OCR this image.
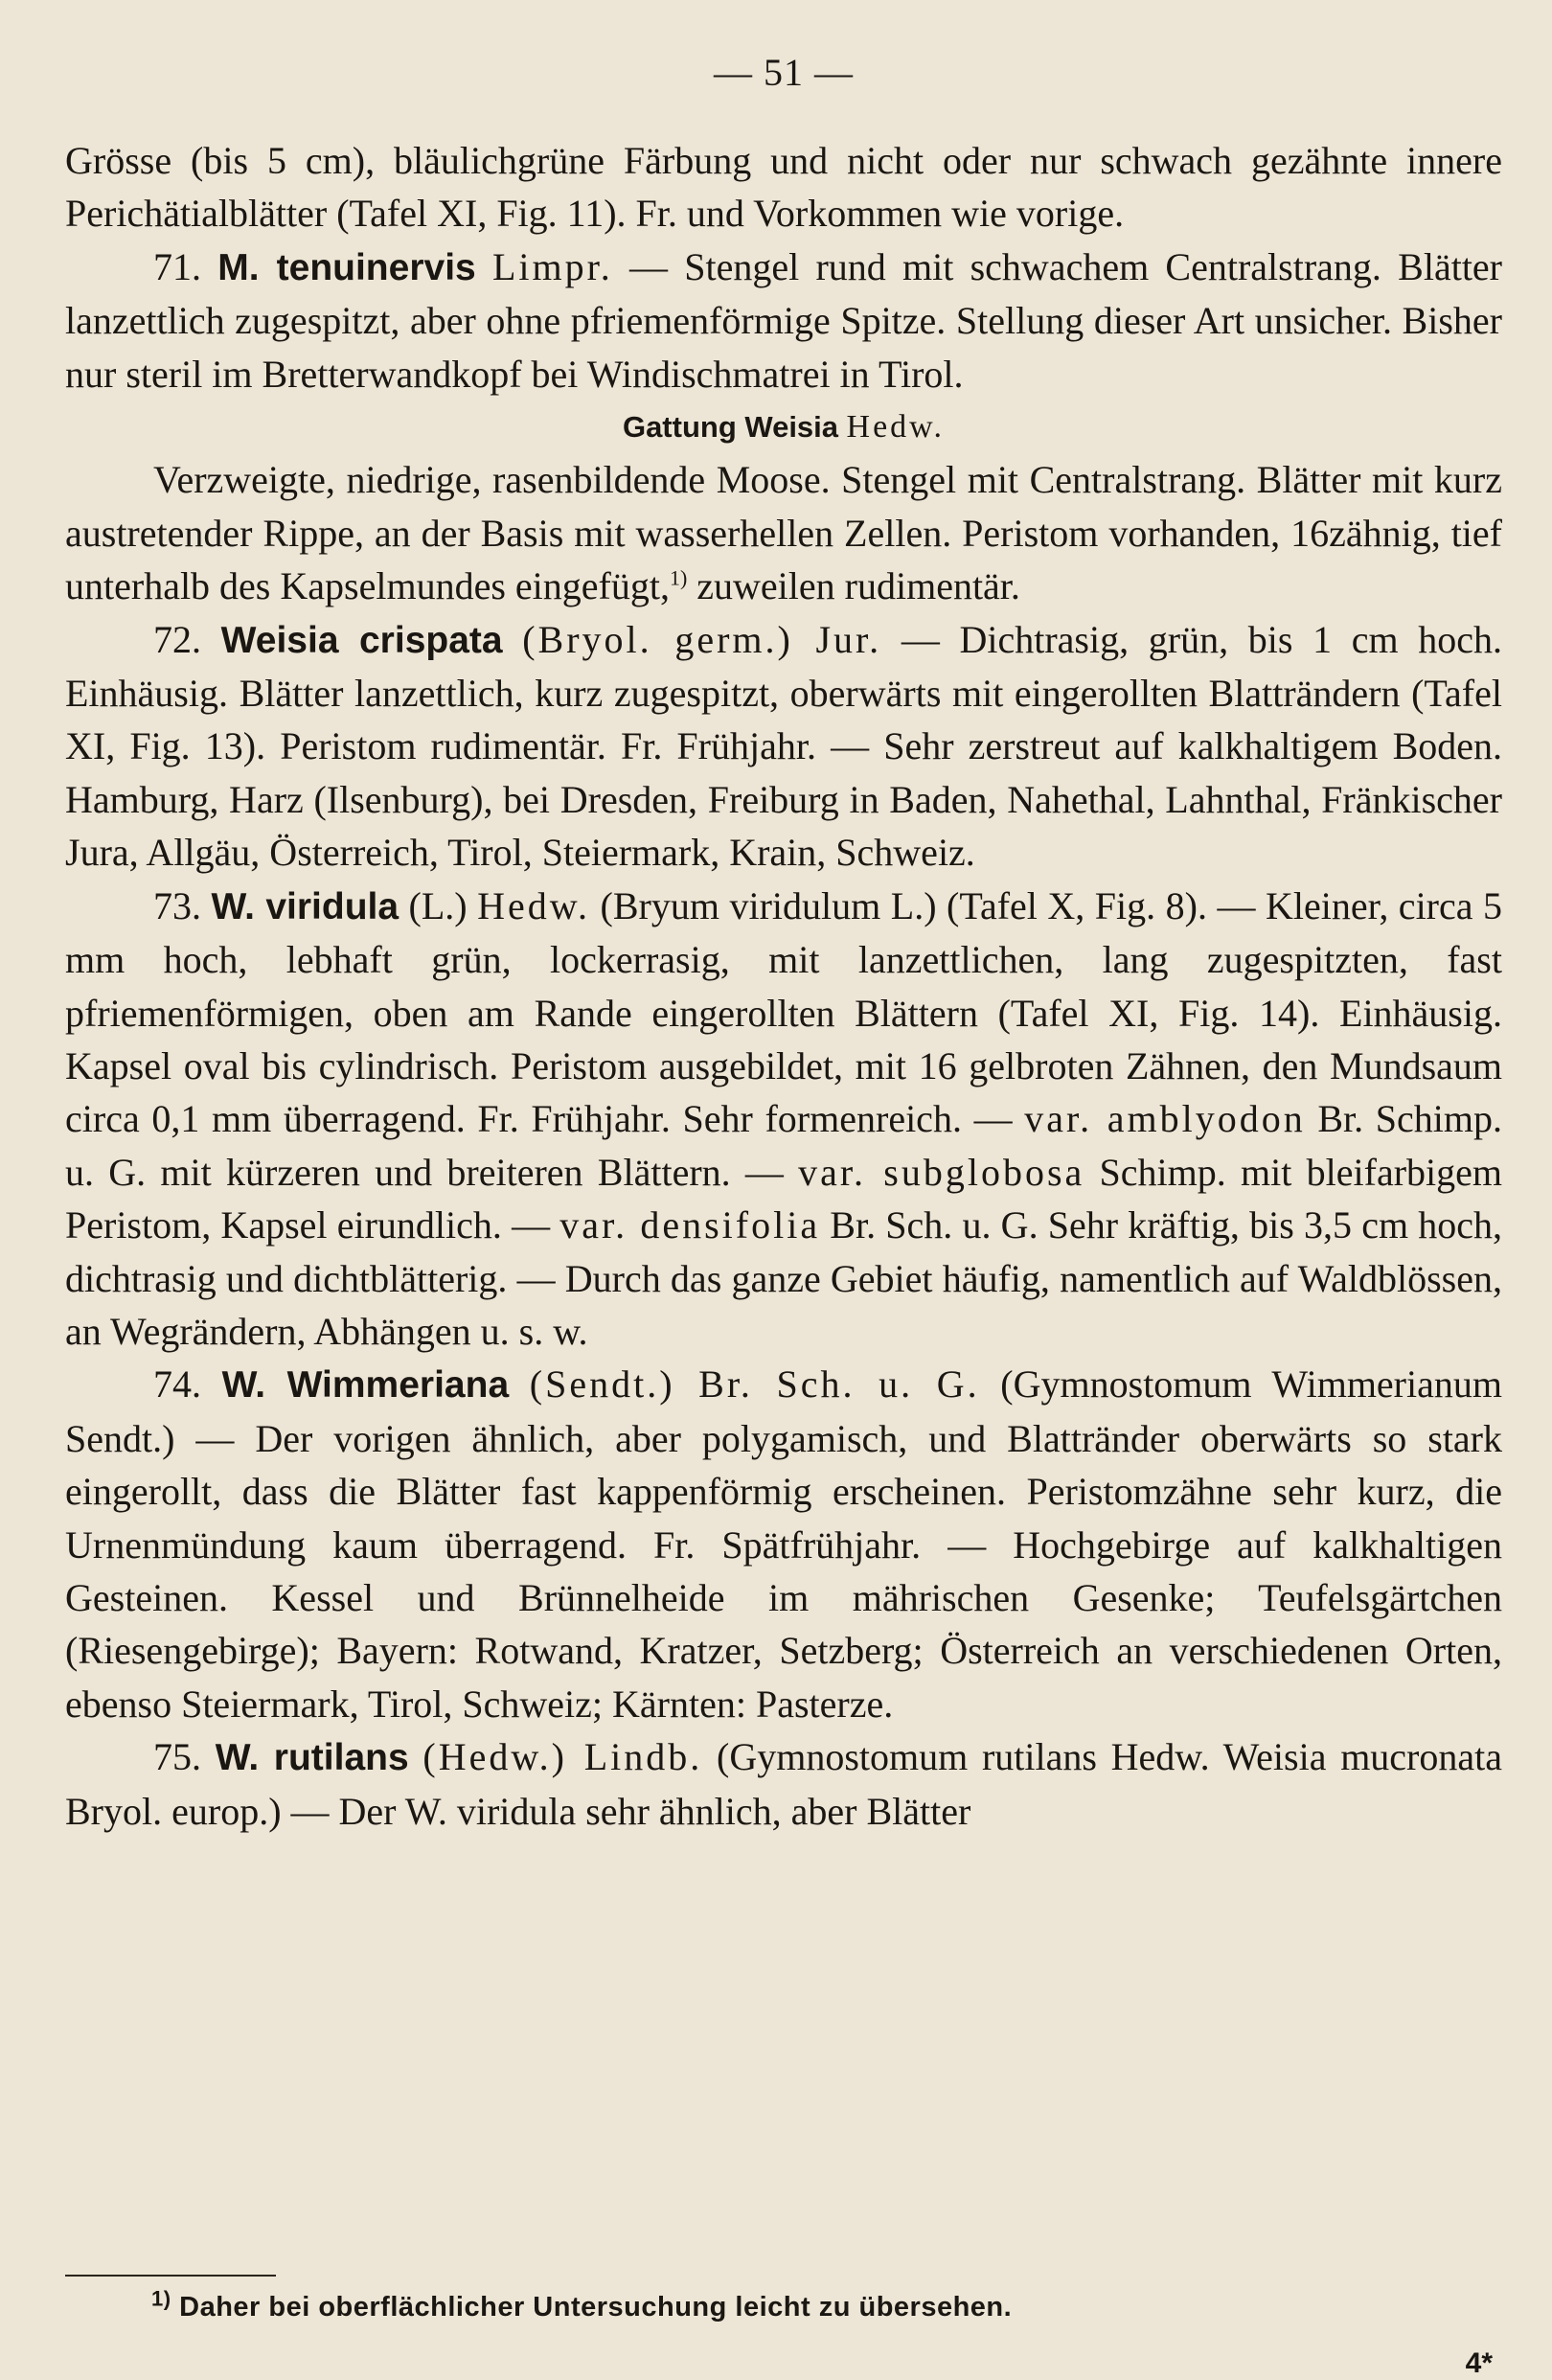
— 51 —

Grösse (bis 5 cm), bläulichgrüne Färbung und nicht oder nur schwach gezähnte innere Perichätialblätter (Tafel XI, Fig. 11). Fr. und Vorkommen wie vorige.

71. M. tenuinervis Limpr. — Stengel rund mit schwachem Centralstrang. Blätter lanzettlich zugespitzt, aber ohne pfriemenförmige Spitze. Stellung dieser Art unsicher. Bisher nur steril im Bretterwandkopf bei Windischmatrei in Tirol.

Gattung Weisia Hedw.

Verzweigte, niedrige, rasenbildende Moose. Stengel mit Centralstrang. Blätter mit kurz austretender Rippe, an der Basis mit wasserhellen Zellen. Peristom vorhanden, 16zähnig, tief unterhalb des Kapselmundes eingefügt,$^{1)}$ zuweilen rudimentär.

72. Weisia crispata (Bryol. germ.) Jur. — Dichtrasig, grün, bis 1 cm hoch. Einhäusig. Blätter lanzettlich, kurz zugespitzt, oberwärts mit eingerollten Blatträndern (Tafel XI, Fig. 13). Peristom rudimentär. Fr. Frühjahr. — Sehr zerstreut auf kalkhaltigem Boden. Hamburg, Harz (Ilsenburg), bei Dresden, Freiburg in Baden, Nahethal, Lahnthal, Fränkischer Jura, Allgäu, Österreich, Tirol, Steiermark, Krain, Schweiz.

73. W. viridula (L.) Hedw. (Bryum viridulum L.) (Tafel X, Fig. 8). — Kleiner, circa 5 mm hoch, lebhaft grün, lockerrasig, mit lanzettlichen, lang zugespitzten, fast pfriemenförmigen, oben am Rande eingerollten Blättern (Tafel XI, Fig. 14). Einhäusig. Kapsel oval bis cylindrisch. Peristom ausgebildet, mit 16 gelbroten Zähnen, den Mundsaum circa 0,1 mm überragend. Fr. Frühjahr. Sehr formenreich. — var. amblyodon Br. Schimp. u. G. mit kürzeren und breiteren Blättern. — var. subglobosa Schimp. mit bleifarbigem Peristom, Kapsel eirundlich. — var. densifolia Br. Sch. u. G. Sehr kräftig, bis 3,5 cm hoch, dichtrasig und dichtblätterig. — Durch das ganze Gebiet häufig, namentlich auf Waldblössen, an Wegrändern, Abhängen u. s. w.

74. W. Wimmeriana (Sendt.) Br. Sch. u. G. (Gymnostomum Wimmerianum Sendt.) — Der vorigen ähnlich, aber polygamisch, und Blattränder oberwärts so stark eingerollt, dass die Blätter fast kappenförmig erscheinen. Peristomzähne sehr kurz, die Urnenmündung kaum überragend. Fr. Spätfrühjahr. — Hochgebirge auf kalkhaltigen Gesteinen. Kessel und Brünnelheide im mährischen Gesenke; Teufelsgärtchen (Riesengebirge); Bayern: Rotwand, Kratzer, Setzberg; Österreich an verschiedenen Orten, ebenso Steiermark, Tirol, Schweiz; Kärnten: Pasterze.

75. W. rutilans (Hedw.) Lindb. (Gymnostomum rutilans Hedw. Weisia mucronata Bryol. europ.) — Der W. viridula sehr ähnlich, aber Blätter

$^{1)}$ Daher bei oberflächlicher Untersuchung leicht zu übersehen.
4*
